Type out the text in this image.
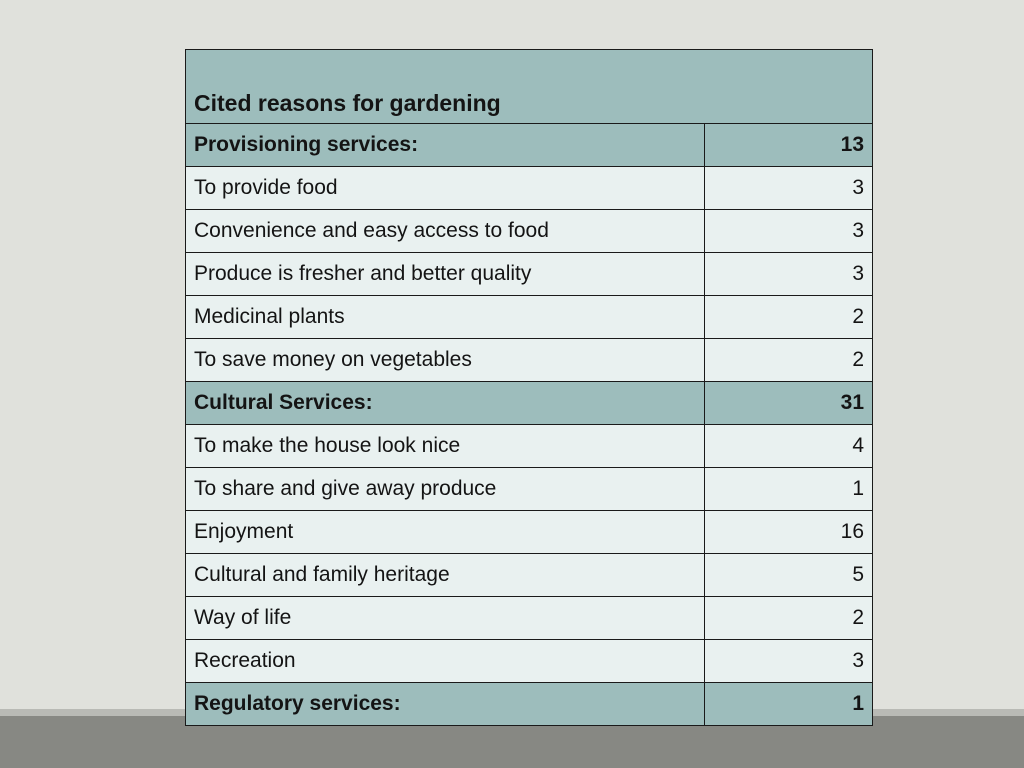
Cited reasons for gardening	
Provisioning services:	13
To provide food	3
Convenience and easy access to food	3
Produce is fresher and better quality	3
Medicinal plants	2
To save money on vegetables	2
Cultural Services:	31
To make the house look nice	4
To share and give away produce	1
Enjoyment	16
Cultural and family heritage	5
Way of life	2
Recreation	3
Regulatory services:	1
